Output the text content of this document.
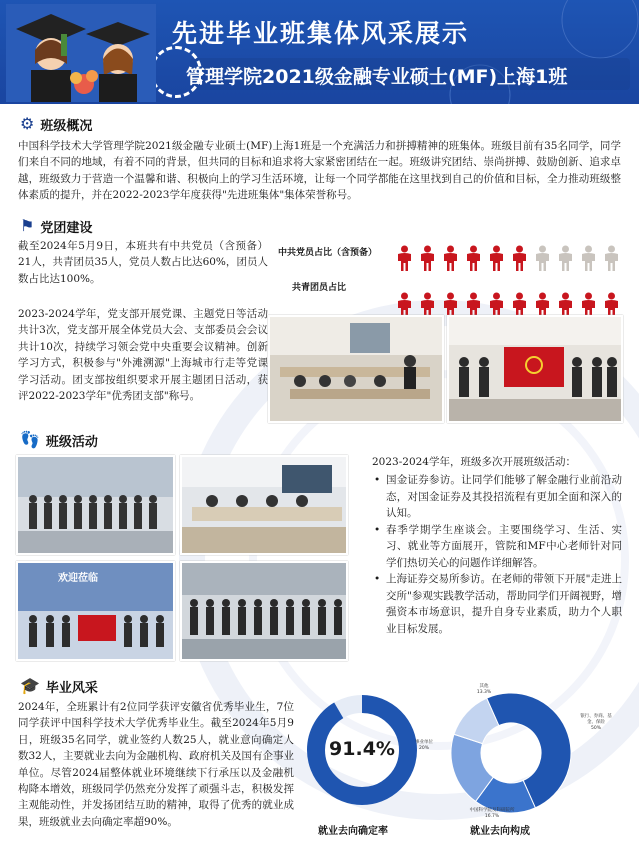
先进毕业班集体风采展示
管理学院2021级金融专业硕士(MF)上海1班
⚙ 班级概况
中国科学技术大学管理学院2021级金融专业硕士(MF)上海1班是一个充满活力和拼搏精神的班集体。班级目前有35名同学，同学们来自不同的地域，有着不同的背景，但共同的目标和追求将大家紧密团结在一起。班级讲究团结、崇尚拼搏、鼓励创新、追求卓越，班级致力于营造一个温馨和谐、积极向上的学习生活环境，让每一个同学都能在这里找到自己的价值和目标，全力推动班级整体素质的提升，并在2022-2023学年度获得"先进班集体"集体荣誉称号。
⚑ 党团建设
截至2024年5月9日，本班共有中共党员（含预备）21人，共青团员35人，党员人数占比达60%，团员人数占比达100%。
2023-2024学年，党支部开展党课、主题党日等活动共计3次，党支部开展全体党员大会、支部委员会会议共计10次，持续学习领会党中央重要会议精神。创新学习方式，积极参与"外滩溯源"上海城市行走等党课学习活动。团支部按组织要求开展主题团日活动，获评2022-2023学年"优秀团支部"称号。
中共党员占比（含预备）
共青团员占比
👣 班级活动
欢迎莅临
2023-2024学年，班级多次开展班级活动：
• 国金证券参访。让同学们能够了解金融行业前沿动态，对国金证券及其投招流程有更加全面和深入的认知。
• 春季学期学生座谈会。主要围绕学习、生活、实习、就业等方面展开，管院和MF中心老师针对同学们热切关心的问题作详细解答。
• 上海证券交易所参访。在老师的带领下开展"走进上交所"参观实践教学活动，帮助同学们开阔视野，增强资本市场意识，提升自身专业素质，助力个人职业目标发展。
🎓 毕业风采
2024年，全班累计有2位同学获评安徽省优秀毕业生，7位同学获评中国科学技术大学优秀毕业生。截至2024年5月9日，班级35名同学，就业签约人数25人，就业意向确定人数32人，主要就业去向为金融机构、政府机关及国有企事业单位。尽管2024届整体就业环境继续下行承压以及金融机构降本增效，班级同学仍然充分发挥了顽强斗志，积极发挥主观能动性，并发扬团结互助的精神，取得了优秀的就业成果，班级就业去向确定率超90%。
91.4%
就业去向确定率
其他
13.3%
事业单位
20%
银行、券商、基金、保险
50%
中国科学院及科研院所
16.7%
就业去向构成
